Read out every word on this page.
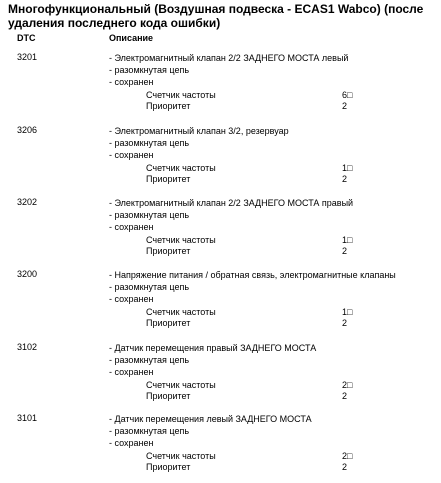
Многофункциональный (Воздушная подвеска - ECAS1 Wabco) (после удаления последнего кода ошибки)
DTC	Описание
3201	- Электромагнитный клапан 2/2 ЗАДНЕГО МОСТА левый
- разомкнутая цепь
- сохранен
Счетчик частоты	6□
Приоритет	2
3206	- Электромагнитный клапан 3/2, резервуар
- разомкнутая цепь
- сохранен
Счетчик частоты	1□
Приоритет	2
3202	- Электромагнитный клапан 2/2 ЗАДНЕГО МОСТА правый
- разомкнутая цепь
- сохранен
Счетчик частоты	1□
Приоритет	2
3200	- Напряжение питания / обратная связь, электромагнитные клапаны
- разомкнутая цепь
- сохранен
Счетчик частоты	1□
Приоритет	2
3102	- Датчик перемещения правый ЗАДНЕГО МОСТА
- разомкнутая цепь
- сохранен
Счетчик частоты	2□
Приоритет	2
3101	- Датчик перемещения левый ЗАДНЕГО МОСТА
- разомкнутая цепь
- сохранен
Счетчик частоты	2□
Приоритет	2
